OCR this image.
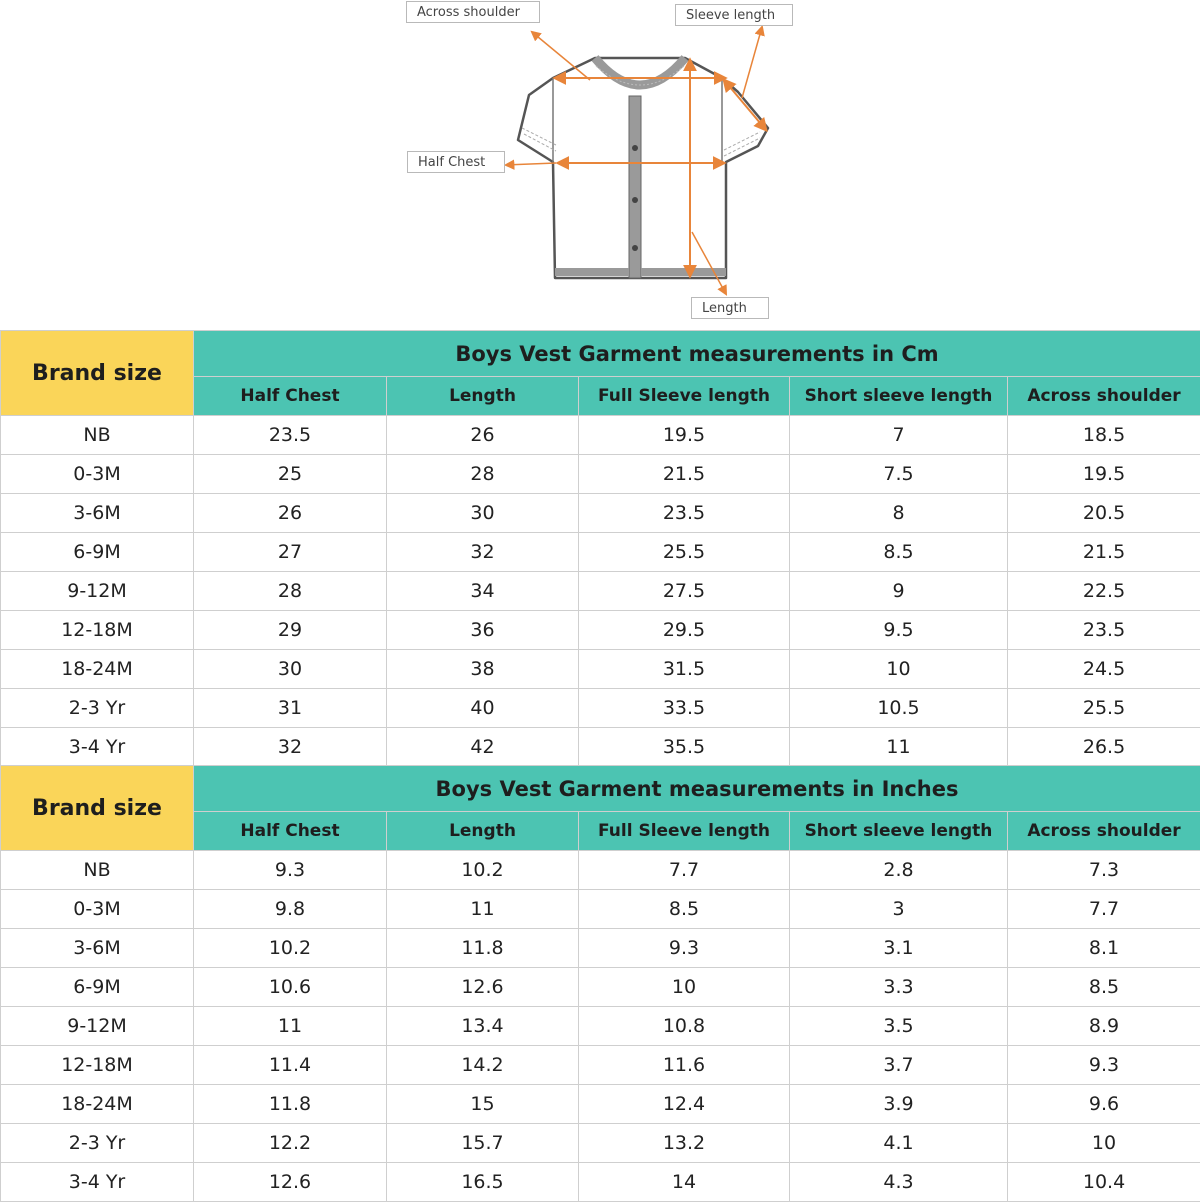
Across shoulder	Sleeve length
Half Chest
Length
Brand size	Boys Vest Garment measurements in Cm				
	Half Chest	Length	Full Sleeve length	Short sleeve length	Across shoulder
NB	23.5	26	19.5	7	18.5
0-3M	25	28	21.5	7.5	19.5
3-6M	26	30	23.5	8	20.5
6-9M	27	32	25.5	8.5	21.5
9-12M	28	34	27.5	9	22.5
12-18M	29	36	29.5	9.5	23.5
18-24M	30	38	31.5	10	24.5
2-3 Yr	31	40	33.5	10.5	25.5
3-4 Yr	32	42	35.5	11	26.5
Brand size	Boys Vest Garment measurements in Inches				
	Half Chest	Length	Full Sleeve length	Short sleeve length	Across shoulder
NB	9.3	10.2	7.7	2.8	7.3
0-3M	9.8	11	8.5	3	7.7
3-6M	10.2	11.8	9.3	3.1	8.1
6-9M	10.6	12.6	10	3.3	8.5
9-12M	11	13.4	10.8	3.5	8.9
12-18M	11.4	14.2	11.6	3.7	9.3
18-24M	11.8	15	12.4	3.9	9.6
2-3 Yr	12.2	15.7	13.2	4.1	10
3-4 Yr	12.6	16.5	14	4.3	10.4
